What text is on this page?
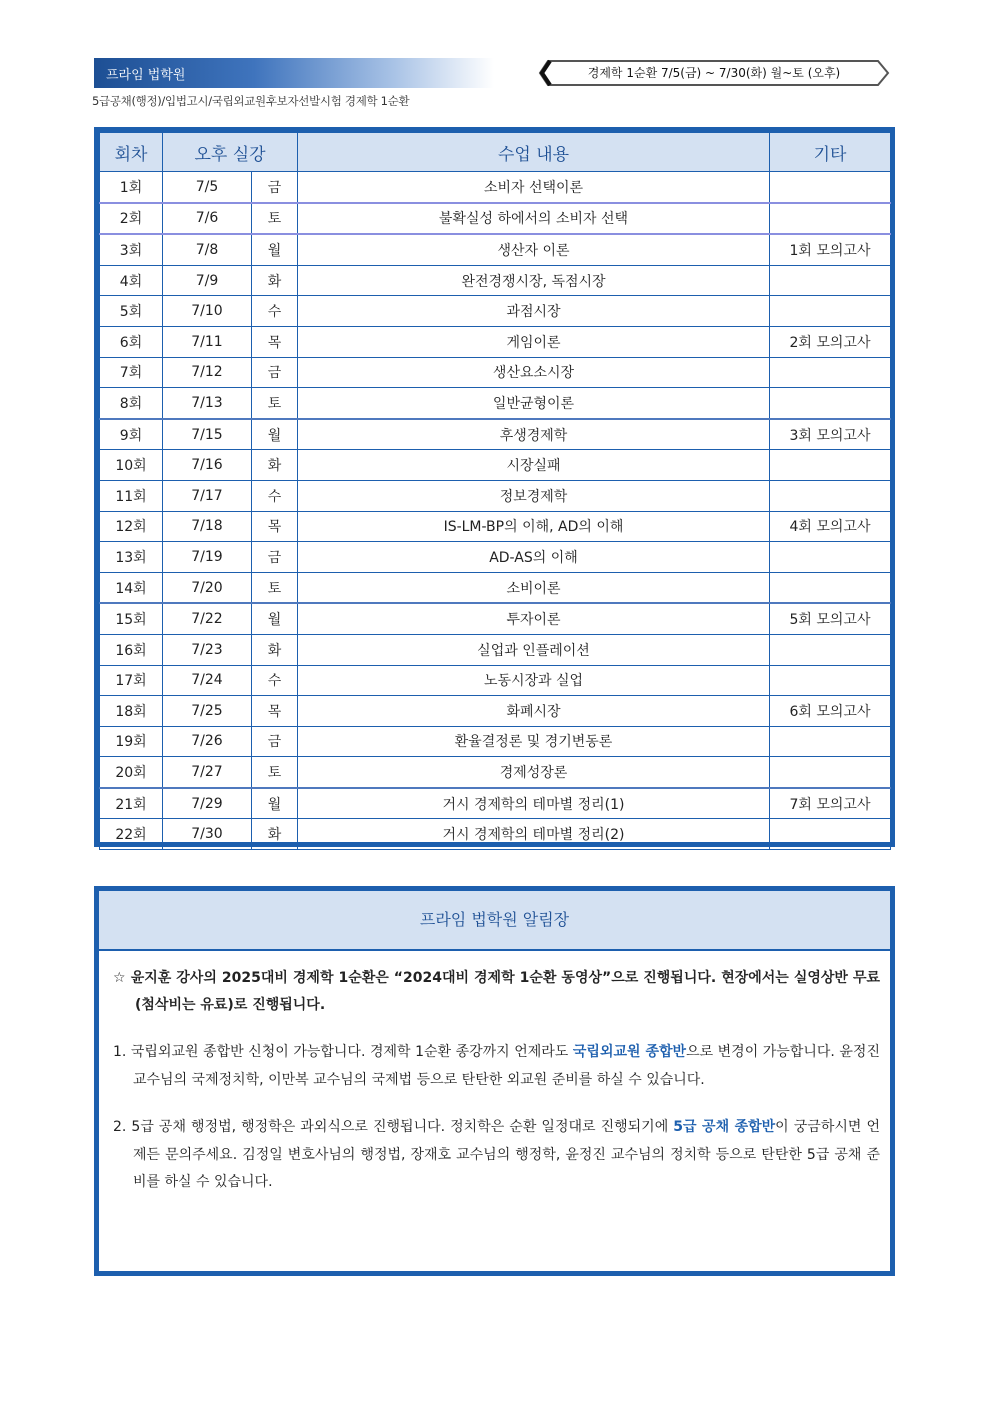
프라임 법학원
5급공채(행정)/입법고시/국립외교원후보자선발시험 경제학 1순환
경제학 1순환 7/5(금) ~ 7/30(화) 월~토 (오후)
회차	오후 실강		수업 내용	기타
1회	7/5	금	소비자 선택이론	
2회	7/6	토	불확실성 하에서의 소비자 선택	
3회	7/8	월	생산자 이론	1회 모의고사
4회	7/9	화	완전경쟁시장, 독점시장	
5회	7/10	수	과점시장	
6회	7/11	목	게임이론	2회 모의고사
7회	7/12	금	생산요소시장	
8회	7/13	토	일반균형이론	
9회	7/15	월	후생경제학	3회 모의고사
10회	7/16	화	시장실패	
11회	7/17	수	정보경제학	
12회	7/18	목	IS-LM-BP의 이해, AD의 이해	4회 모의고사
13회	7/19	금	AD-AS의 이해	
14회	7/20	토	소비이론	
15회	7/22	월	투자이론	5회 모의고사
16회	7/23	화	실업과 인플레이션	
17회	7/24	수	노동시장과 실업	
18회	7/25	목	화폐시장	6회 모의고사
19회	7/26	금	환율결정론 및 경기변동론	
20회	7/27	토	경제성장론	
21회	7/29	월	거시 경제학의 테마별 정리(1)	7회 모의고사
22회	7/30	화	거시 경제학의 테마별 정리(2)	
프라임 법학원 알림장

☆ 윤지훈 강사의 2025대비 경제학 1순환은 “2024대비 경제학 1순환 동영상”으로 진행됩니다. 현장에서는 실영상반 무료(첨삭비는 유료)로 진행됩니다.

1. 국립외교원 종합반 신청이 가능합니다. 경제학 1순환 종강까지 언제라도 국립외교원 종합반으로 변경이 가능합니다. 윤정진 교수님의 국제정치학, 이만복 교수님의 국제법 등으로 탄탄한 외교원 준비를 하실 수 있습니다.

2. 5급 공채 행정법, 행정학은 과외식으로 진행됩니다. 정치학은 순환 일정대로 진행되기에 5급 공채 종합반이 궁금하시면 언제든 문의주세요. 김정일 변호사님의 행정법, 장재호 교수님의 행정학, 윤정진 교수님의 정치학 등으로 탄탄한 5급 공채 준비를 하실 수 있습니다.
